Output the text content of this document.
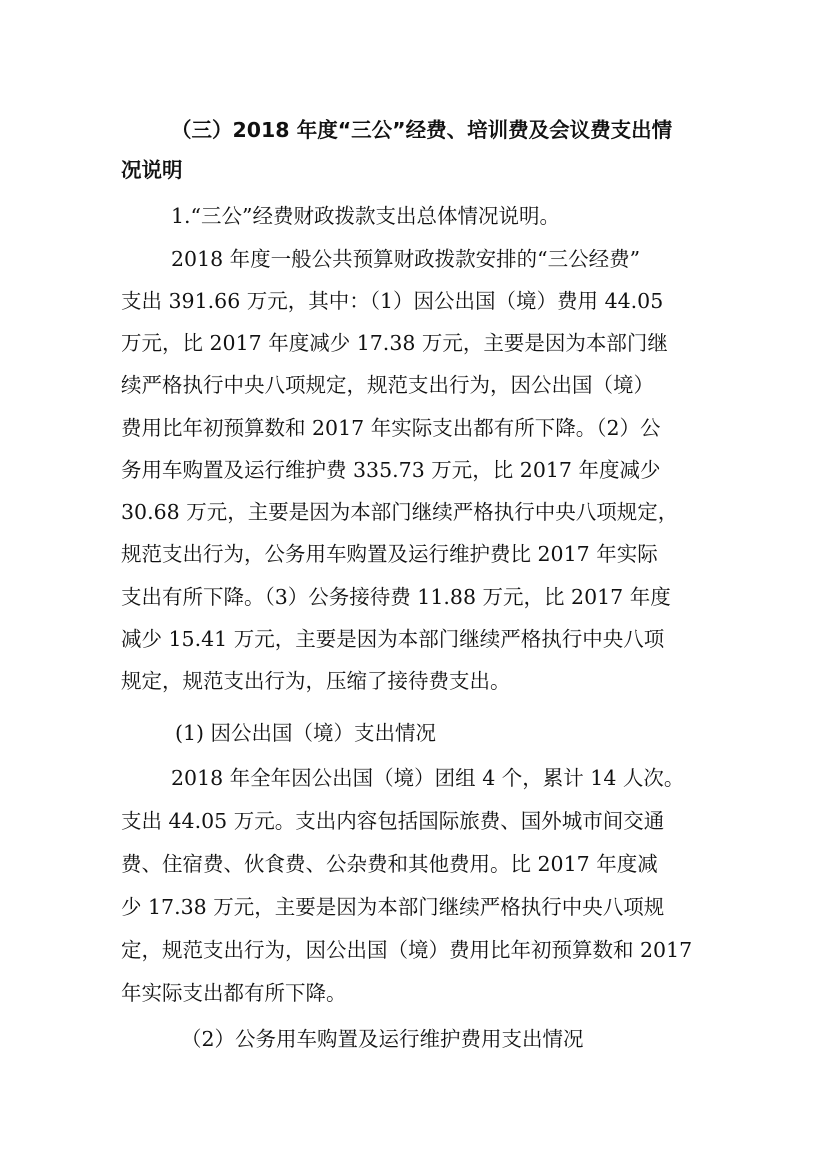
（三）2018 年度“三公”经费、培训费及会议费支出情
况说明
1.“三公”经费财政拨款支出总体情况说明。
2018 年度一般公共预算财政拨款安排的“三公经费”
支出 391.66 万元，其中：（1）因公出国（境）费用 44.05
万元，比 2017 年度减少 17.38 万元，主要是因为本部门继
续严格执行中央八项规定，规范支出行为，因公出国（境）
费用比年初预算数和 2017 年实际支出都有所下降。（2）公
务用车购置及运行维护费 335.73 万元，比 2017 年度减少
30.68 万元，主要是因为本部门继续严格执行中央八项规定，
规范支出行为，公务用车购置及运行维护费比 2017 年实际
支出有所下降。（3）公务接待费 11.88 万元，比 2017 年度
减少 15.41 万元，主要是因为本部门继续严格执行中央八项
规定，规范支出行为，压缩了接待费支出。
(1) 因公出国（境）支出情况
2018 年全年因公出国（境）团组 4 个，累计 14 人次。
支出 44.05 万元。支出内容包括国际旅费、国外城市间交通
费、住宿费、伙食费、公杂费和其他费用。比 2017 年度减
少 17.38 万元，主要是因为本部门继续严格执行中央八项规
定，规范支出行为，因公出国（境）费用比年初预算数和 2017
年实际支出都有所下降。
（2）公务用车购置及运行维护费用支出情况
